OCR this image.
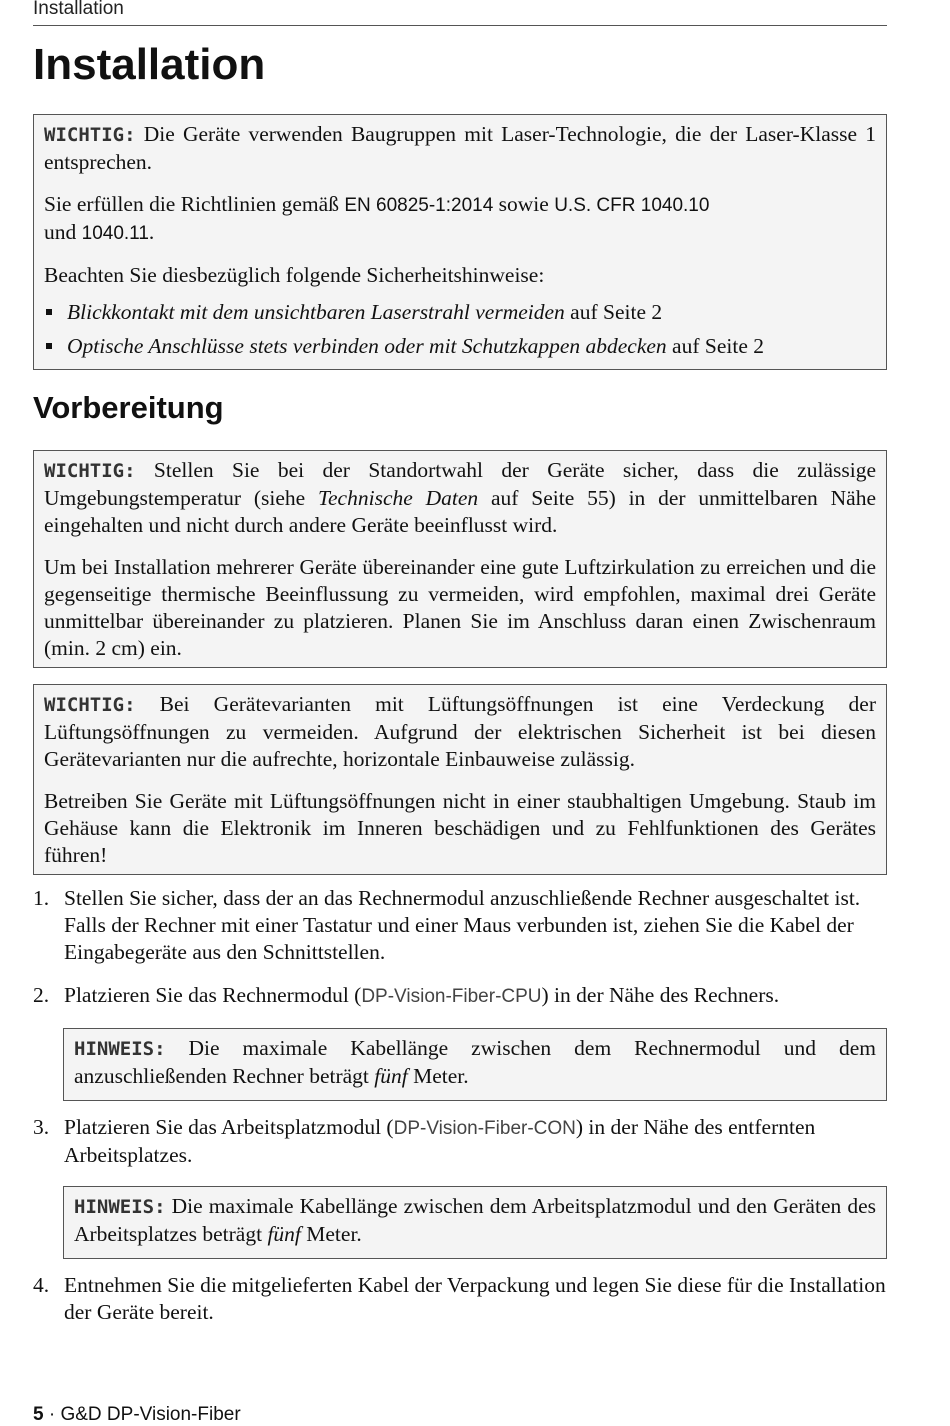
Installation
Installation

WICHTIG: Die Geräte verwenden Baugruppen mit Laser-Technologie, die der Laser-Klasse 1 entsprechen.

Sie erfüllen die Richtlinien gemäß EN 60825-1:2014 sowie U.S. CFR 1040.10
und 1040.11.

Beachten Sie diesbezüglich folgende Sicherheitshinweise:

Blickkontakt mit dem unsichtbaren Laserstrahl vermeiden auf Seite 2
Optische Anschlüsse stets verbinden oder mit Schutzkappen abdecken auf Seite 2
Vorbereitung

WICHTIG: Stellen Sie bei der Standortwahl der Geräte sicher, dass die zulässige Umgebungstemperatur (siehe Technische Daten auf Seite 55) in der unmittelbaren Nähe eingehalten und nicht durch andere Geräte beeinflusst wird.

Um bei Installation mehrerer Geräte übereinander eine gute Luftzirkulation zu erreichen und die gegenseitige thermische Beeinflussung zu vermeiden, wird empfohlen, maximal drei Geräte unmittelbar übereinander zu platzieren. Planen Sie im Anschluss daran einen Zwischenraum (min. 2 cm) ein.

WICHTIG: Bei Gerätevarianten mit Lüftungsöffnungen ist eine Verdeckung der Lüftungsöffnungen zu vermeiden. Aufgrund der elektrischen Sicherheit ist bei diesen Gerätevarianten nur die aufrechte, horizontale Einbauweise zulässig.

Betreiben Sie Geräte mit Lüftungsöffnungen nicht in einer staubhaltigen Umgebung. Staub im Gehäuse kann die Elektronik im Inneren beschädigen und zu Fehlfunktionen des Gerätes führen!

1. Stellen Sie sicher, dass der an das Rechnermodul anzuschließende Rechner ausgeschaltet ist. Falls der Rechner mit einer Tastatur und einer Maus verbunden ist, ziehen Sie die Kabel der Eingabegeräte aus den Schnittstellen.
2. Platzieren Sie das Rechnermodul (DP-Vision-Fiber-CPU) in der Nähe des Rechners.
3. Platzieren Sie das Arbeitsplatzmodul (DP-Vision-Fiber-CON) in der Nähe des entfernten Arbeitsplatzes.
4. Entnehmen Sie die mitgelieferten Kabel der Verpackung und legen Sie diese für die Installation der Geräte bereit.
HINWEIS: Die maximale Kabellänge zwischen dem Rechnermodul und dem anzuschließenden Rechner beträgt fünf Meter.
HINWEIS: Die maximale Kabellänge zwischen dem Arbeitsplatzmodul und den Geräten des Arbeitsplatzes beträgt fünf Meter.
5 · G&D DP-Vision-Fiber
